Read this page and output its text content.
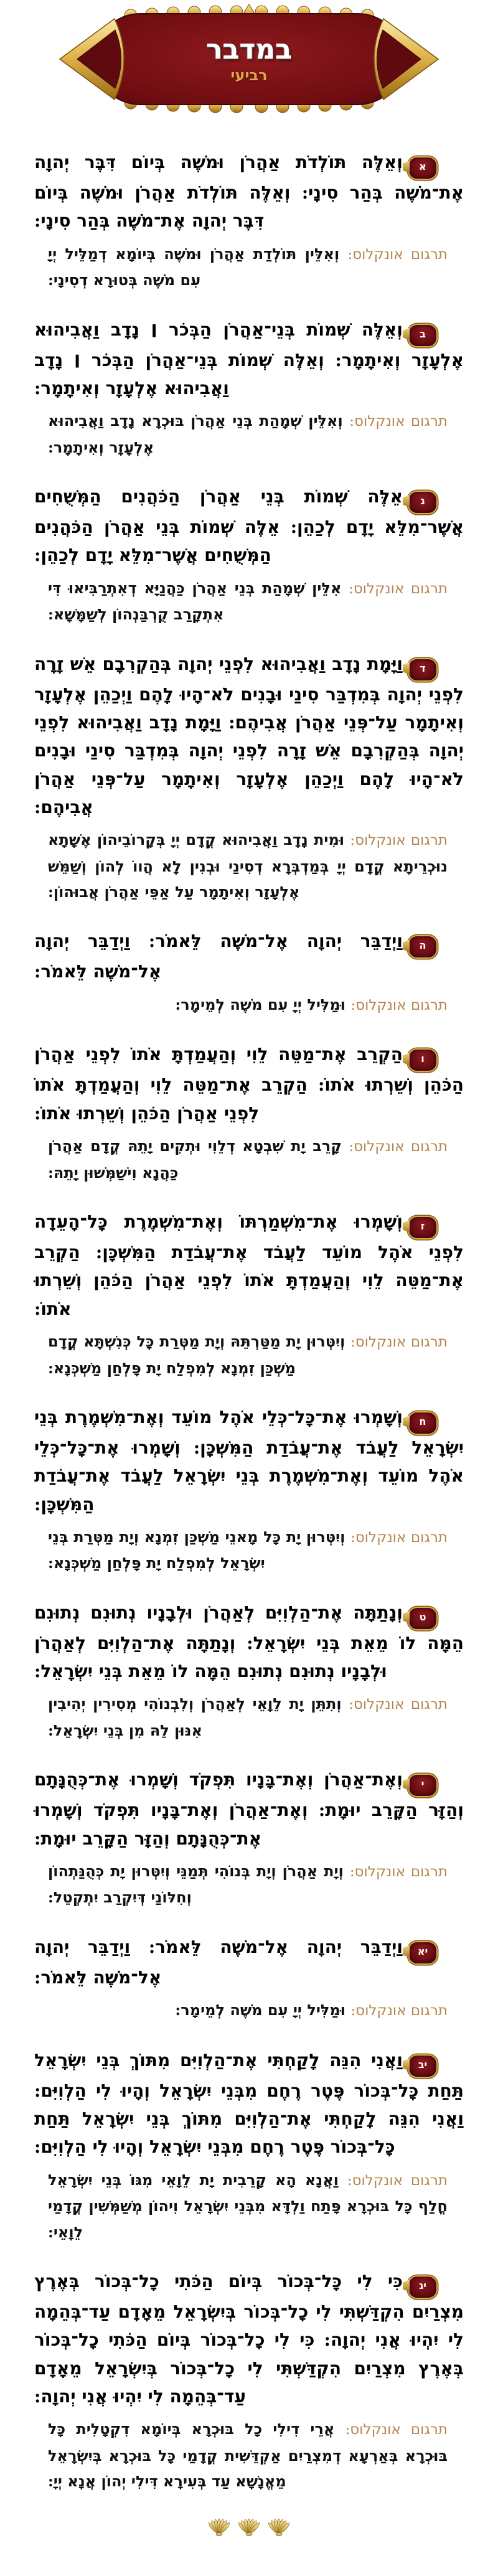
במדבר
רביעי

א
וְאֵלֶּה תּוֹלְדֹת אַהֲרֹן וּמֹשֶׁה בְּיוֹם דִּבֶּר יְהוָה אֶת־מֹשֶׁה בְּהַר סִינָי: וְאֵלֶּה תּוֹלְדֹת אַהֲרֹן וּמֹשֶׁה בְּיוֹם דִּבֶּר יְהוָה אֶת־מֹשֶׁה בְּהַר סִינָי:

תרגום אונקלוס: וְאִלֵּין תּוֹלְדַת אַהֲרֹן וּמֹשֶׁה בְּיוֹמָא דְמַלֵּיל יְיָ עִם מֹשֶׁה בְּטוּרָא דְסִינָי:

ב
וְאֵלֶּה שְׁמוֹת בְּנֵי־אַהֲרֹן הַבְּכֹר ׀ נָדָב וַאֲבִיהוּא אֶלְעָזָר וְאִיתָמָר: וְאֵלֶּה שְׁמוֹת בְּנֵי־אַהֲרֹן הַבְּכֹר ׀ נָדָב וַאֲבִיהוּא אֶלְעָזָר וְאִיתָמָר:

תרגום אונקלוס: וְאִלֵּין שְׁמָהַת בְּנֵי אַהֲרֹן בּוּכְרָא נָדָב וַאֲבִיהוּא אֶלְעָזָר וְאִיתָמָר:

ג
אֵלֶּה שְׁמוֹת בְּנֵי אַהֲרֹן הַכֹּהֲנִים הַמְּשֻׁחִים אֲשֶׁר־מִלֵּא יָדָם לְכַהֵן: אֵלֶּה שְׁמוֹת בְּנֵי אַהֲרֹן הַכֹּהֲנִים הַמְּשֻׁחִים אֲשֶׁר־מִלֵּא יָדָם לְכַהֵן:

תרגום אונקלוס: אִלֵּין שְׁמָהַת בְּנֵי אַהֲרֹן כַּהֲנַיָּא דְאִתְרַבִּיאוּ דִּי אִתְקָרַב קֻרְבַּנְהוֹן לְשַׁמָּשָׁא:

ד
וַיָּמָת נָדָב וַאֲבִיהוּא לִפְנֵי יְהוָה בְּהַקְרִבָם אֵשׁ זָרָה לִפְנֵי יְהוָה בְּמִדְבַּר סִינַי וּבָנִים לֹא־הָיוּ לָהֶם וַיְכַהֵן אֶלְעָזָר וְאִיתָמָר עַל־פְּנֵי אַהֲרֹן אֲבִיהֶם: וַיָּמָת נָדָב וַאֲבִיהוּא לִפְנֵי יְהוָה בְּהַקְרִבָם אֵשׁ זָרָה לִפְנֵי יְהוָה בְּמִדְבַּר סִינַי וּבָנִים לֹא־הָיוּ לָהֶם וַיְכַהֵן אֶלְעָזָר וְאִיתָמָר עַל־פְּנֵי אַהֲרֹן אֲבִיהֶם:

תרגום אונקלוס: וּמִית נָדָב וַאֲבִיהוּא קֳדָם יְיָ בְּקָרוֹבֵיהוֹן אֶשָּׁתָא נוּכְרֵיתָא קֳדָם יְיָ בְּמַדְבְּרָא דְסִינַי וּבְנִין לָא הֲווֹ לְהוֹן וְשַׁמֵּשׁ אֶלְעָזָר וְאִיתָמָר עַל אַפֵּי אַהֲרֹן אֲבוּהוֹן:

ה
וַיְדַבֵּר יְהוָה אֶל־מֹשֶׁה לֵּאמֹר: וַיְדַבֵּר יְהוָה אֶל־מֹשֶׁה לֵּאמֹר:

תרגום אונקלוס: וּמַלִּיל יְיָ עִם מֹשֶׁה לְמֵימָר:

ו
הַקְרֵב אֶת־מַטֵּה לֵוִי וְהַעֲמַדְתָּ אֹתוֹ לִפְנֵי אַהֲרֹן הַכֹּהֵן וְשֵׁרְתוּ אֹתוֹ: הַקְרֵב אֶת־מַטֵּה לֵוִי וְהַעֲמַדְתָּ אֹתוֹ לִפְנֵי אַהֲרֹן הַכֹּהֵן וְשֵׁרְתוּ אֹתוֹ:

תרגום אונקלוס: קָרֵב יָת שִׁבְטָא דְלֵוִי וּתְקִים יָתֵהּ קֳדָם אַהֲרֹן כַּהֲנָא וִישַׁמְּשׁוּן יָתֵהּ:

ז
וְשָׁמְרוּ אֶת־מִשְׁמַרְתּוֹ וְאֶת־מִשְׁמֶרֶת כָּל־הָעֵדָה לִפְנֵי אֹהֶל מוֹעֵד לַעֲבֹד אֶת־עֲבֹדַת הַמִּשְׁכָּן: הַקְרֵב אֶת־מַטֵּה לֵוִי וְהַעֲמַדְתָּ אֹתוֹ לִפְנֵי אַהֲרֹן הַכֹּהֵן וְשֵׁרְתוּ אֹתוֹ:

תרגום אונקלוס: וְיִטְּרוּן יָת מַטַּרְתֵּהּ וְיָת מַטְּרַת כָּל כְּנִשְׁתָּא קֳדָם מַשְׁכַּן זִמְנָא לְמִפְלַח יָת פָּלְחַן מַשְׁכְּנָא:

ח
וְשָׁמְרוּ אֶת־כָּל־כְּלֵי אֹהֶל מוֹעֵד וְאֶת־מִשְׁמֶרֶת בְּנֵי יִשְׂרָאֵל לַעֲבֹד אֶת־עֲבֹדַת הַמִּשְׁכָּן: וְשָׁמְרוּ אֶת־כָּל־כְּלֵי אֹהֶל מוֹעֵד וְאֶת־מִשְׁמֶרֶת בְּנֵי יִשְׂרָאֵל לַעֲבֹד אֶת־עֲבֹדַת הַמִּשְׁכָּן:

תרגום אונקלוס: וְיִטְּרוּן יָת כָּל מָאנֵי מַשְׁכַּן זִמְנָא וְיָת מַטְּרַת בְּנֵי יִשְׂרָאֵל לְמִפְלַח יָת פָּלְחַן מַשְׁכְּנָא:

ט
וְנָתַתָּה אֶת־הַלְוִיִּם לְאַהֲרֹן וּלְבָנָיו נְתוּנִם נְתוּנִם הֵמָּה לוֹ מֵאֵת בְּנֵי יִשְׂרָאֵל: וְנָתַתָּה אֶת־הַלְוִיִּם לְאַהֲרֹן וּלְבָנָיו נְתוּנִם נְתוּנִם הֵמָּה לוֹ מֵאֵת בְּנֵי יִשְׂרָאֵל:

תרגום אונקלוס: וְתִתֵּן יָת לֵוָאֵי לְאַהֲרֹן וְלִבְנוֹהִי מְסִירִין יְהִיבִין אִנּוּן לֵהּ מִן בְּנֵי יִשְׂרָאֵל:

י
וְאֶת־אַהֲרֹן וְאֶת־בָּנָיו תִּפְקֹד וְשָׁמְרוּ אֶת־כְּהֻנָּתָם וְהַזָּר הַקָּרֵב יוּמָת: וְאֶת־אַהֲרֹן וְאֶת־בָּנָיו תִּפְקֹד וְשָׁמְרוּ אֶת־כְּהֻנָּתָם וְהַזָּר הַקָּרֵב יוּמָת:

תרגום אונקלוס: וְיָת אַהֲרֹן וְיָת בְּנוֹהִי תְּמַנֵּי וְיִטְּרוּן יָת כְּהֻנַּתְהוֹן וְחִלּוֹנַי דְּיִקְרַב יִתְקְטֵל:

יא
וַיְדַבֵּר יְהוָה אֶל־מֹשֶׁה לֵּאמֹר: וַיְדַבֵּר יְהוָה אֶל־מֹשֶׁה לֵּאמֹר:

תרגום אונקלוס: וּמַלִּיל יְיָ עִם מֹשֶׁה לְמֵימָר:

יב
וַאֲנִי הִנֵּה לָקַחְתִּי אֶת־הַלְוִיִּם מִתּוֹךְ בְּנֵי יִשְׂרָאֵל תַּחַת כָּל־בְּכוֹר פֶּטֶר רֶחֶם מִבְּנֵי יִשְׂרָאֵל וְהָיוּ לִי הַלְוִיִּם: וַאֲנִי הִנֵּה לָקַחְתִּי אֶת־הַלְוִיִּם מִתּוֹךְ בְּנֵי יִשְׂרָאֵל תַּחַת כָּל־בְּכוֹר פֶּטֶר רֶחֶם מִבְּנֵי יִשְׂרָאֵל וְהָיוּ לִי הַלְוִיִּם:

תרגום אונקלוס: וַאֲנָא הָא קָרֵבִית יָת לֵוָאֵי מִגּוֹ בְּנֵי יִשְׂרָאֵל חֳלַף כָּל בּוּכְרָא פָּתַח וַלְדָּא מִבְּנֵי יִשְׂרָאֵל וִיהוֹן מְשַׁמְּשִׁין קֳדָמַי לֵוָאֵי:

יג
כִּי לִי כָּל־בְּכוֹר בְּיוֹם הַכֹּתִי כָל־בְּכוֹר בְּאֶרֶץ מִצְרַיִם הִקְדַּשְׁתִּי לִי כָל־בְּכוֹר בְּיִשְׂרָאֵל מֵאָדָם עַד־בְּהֵמָה לִי יִהְיוּ אֲנִי יְהוָה: כִּי לִי כָל־בְּכוֹר בְּיוֹם הַכֹּתִי כָל־בְּכוֹר בְּאֶרֶץ מִצְרַיִם הִקְדַּשְׁתִּי לִי כָל־בְּכוֹר בְּיִשְׂרָאֵל מֵאָדָם עַד־בְּהֵמָה לִי יִהְיוּ אֲנִי יְהוָה:

תרגום אונקלוס: אֲרֵי דִילִי כָל בּוּכְרָא בְּיוֹמָא דִקְטָלִית כָּל בּוּכְרָא בְּאַרְעָא דְמִצְרַיִם אַקְדֵּשִׁית קֳדָמַי כָּל בּוּכְרָא בְּיִשְׂרָאֵל מֵאֱנָשָׁא עַד בְּעִירָא דִּילִי יְהוֹן אֲנָא יְיָ:
